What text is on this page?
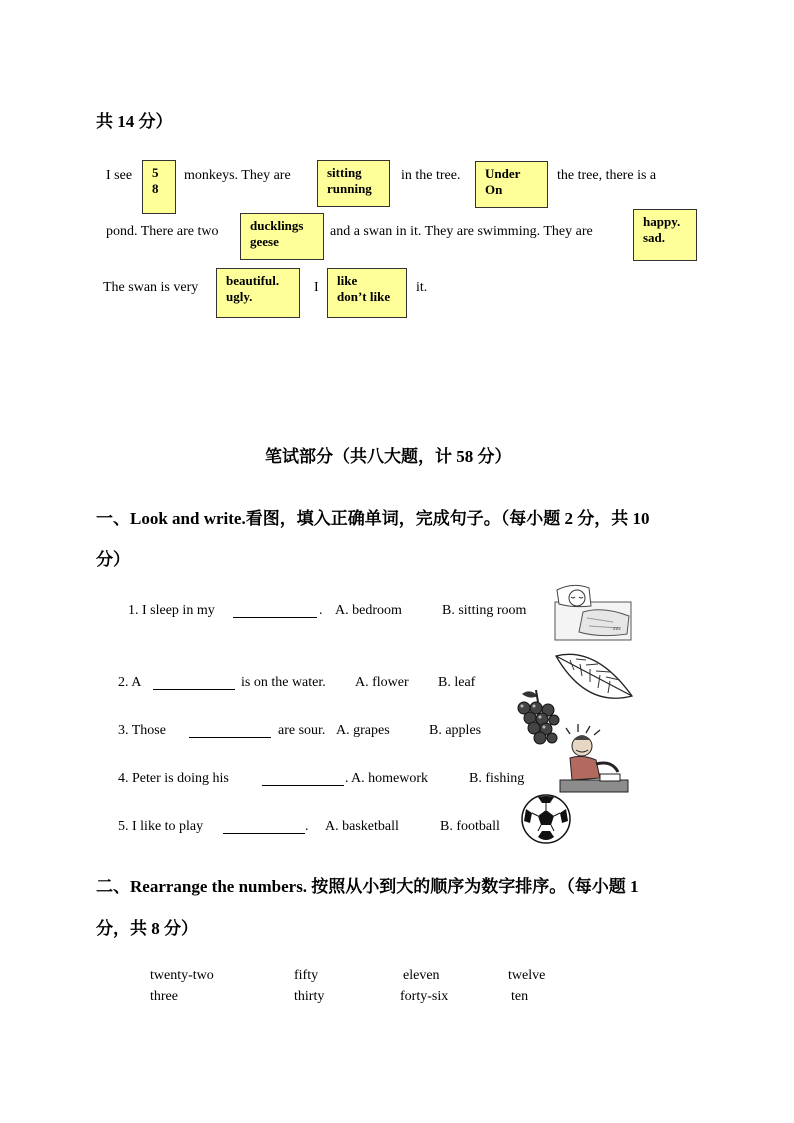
共 14 分）
I see 5
8
monkeys. They are	sitting
running
in the tree. Under
On
the tree, there is a
pond. There are two ducklings
geese
and a swan in it. They are swimming. They are
happy.
sad.
The swan is very beautiful.
ugly.
I like
don’t like
it.
笔试部分（共八大题，计 58 分）
一、Look and write.看图，填入正确单词，完成句子。（每小题 2 分，共 10
分）
1. I sleep in my	. A. bedroom	B. sitting room
zzz
2. A	is on the water. A. flower B. leaf
3. Those	are sour. A. grapes	B. apples
4. Peter is doing his	. A. homework	B. fishing
5. I like to play	. A. basketball	B. football
二、Rearrange the numbers. 按照从小到大的顺序为数字排序。（每小题 1
分，共 8 分）
twenty-two	fifty	eleven	twelve
three	thirty	forty-six	ten
